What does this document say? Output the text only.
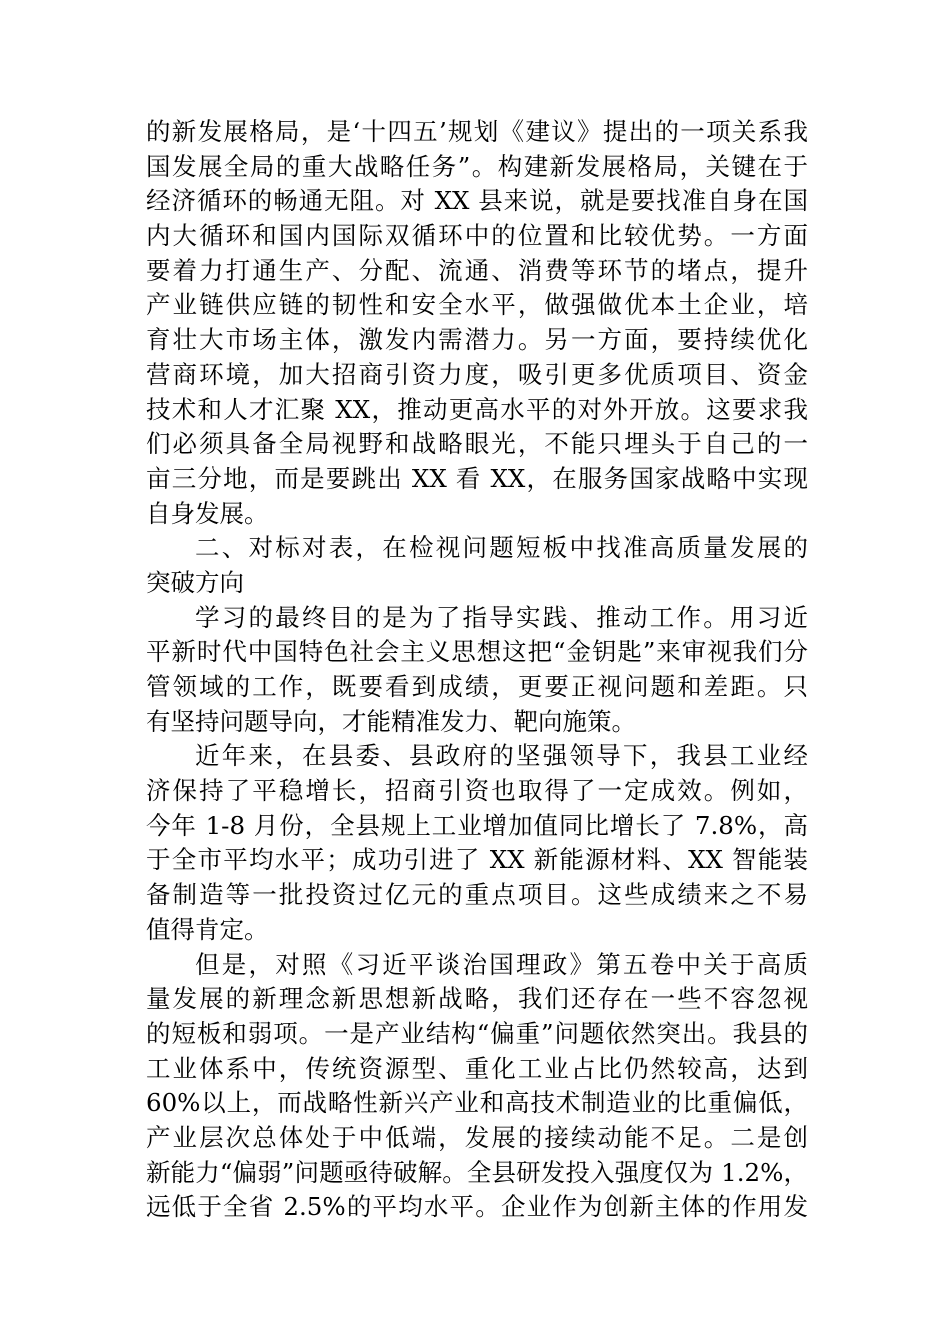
的新发展格局，是‘十四五’规划《建议》提出的一项关系我
国发展全局的重大战略任务”。构建新发展格局，关键在于
经济循环的畅通无阻。对 XX 县来说，就是要找准自身在国
内大循环和国内国际双循环中的位置和比较优势。一方面
要着力打通生产、分配、流通、消费等环节的堵点，提升
产业链供应链的韧性和安全水平，做强做优本土企业，培
育壮大市场主体，激发内需潜力。另一方面，要持续优化
营商环境，加大招商引资力度，吸引更多优质项目、资金
技术和人才汇聚 XX，推动更高水平的对外开放。这要求我
们必须具备全局视野和战略眼光，不能只埋头于自己的一
亩三分地，而是要跳出 XX 看 XX，在服务国家战略中实现
自身发展。
二、对标对表，在检视问题短板中找准高质量发展的
突破方向
学习的最终目的是为了指导实践、推动工作。用习近
平新时代中国特色社会主义思想这把“金钥匙”来审视我们分
管领域的工作，既要看到成绩，更要正视问题和差距。只
有坚持问题导向，才能精准发力、靶向施策。
近年来，在县委、县政府的坚强领导下，我县工业经
济保持了平稳增长，招商引资也取得了一定成效。例如，
今年 1-8 月份，全县规上工业增加值同比增长了 7.8%，高
于全市平均水平；成功引进了 XX 新能源材料、XX 智能装
备制造等一批投资过亿元的重点项目。这些成绩来之不易
值得肯定。
但是，对照《习近平谈治国理政》第五卷中关于高质
量发展的新理念新思想新战略，我们还存在一些不容忽视
的短板和弱项。一是产业结构“偏重”问题依然突出。我县的
工业体系中，传统资源型、重化工业占比仍然较高，达到
60%以上，而战略性新兴产业和高技术制造业的比重偏低，
产业层次总体处于中低端，发展的接续动能不足。二是创
新能力“偏弱”问题亟待破解。全县研发投入强度仅为 1.2%，
远低于全省 2.5%的平均水平。企业作为创新主体的作用发
